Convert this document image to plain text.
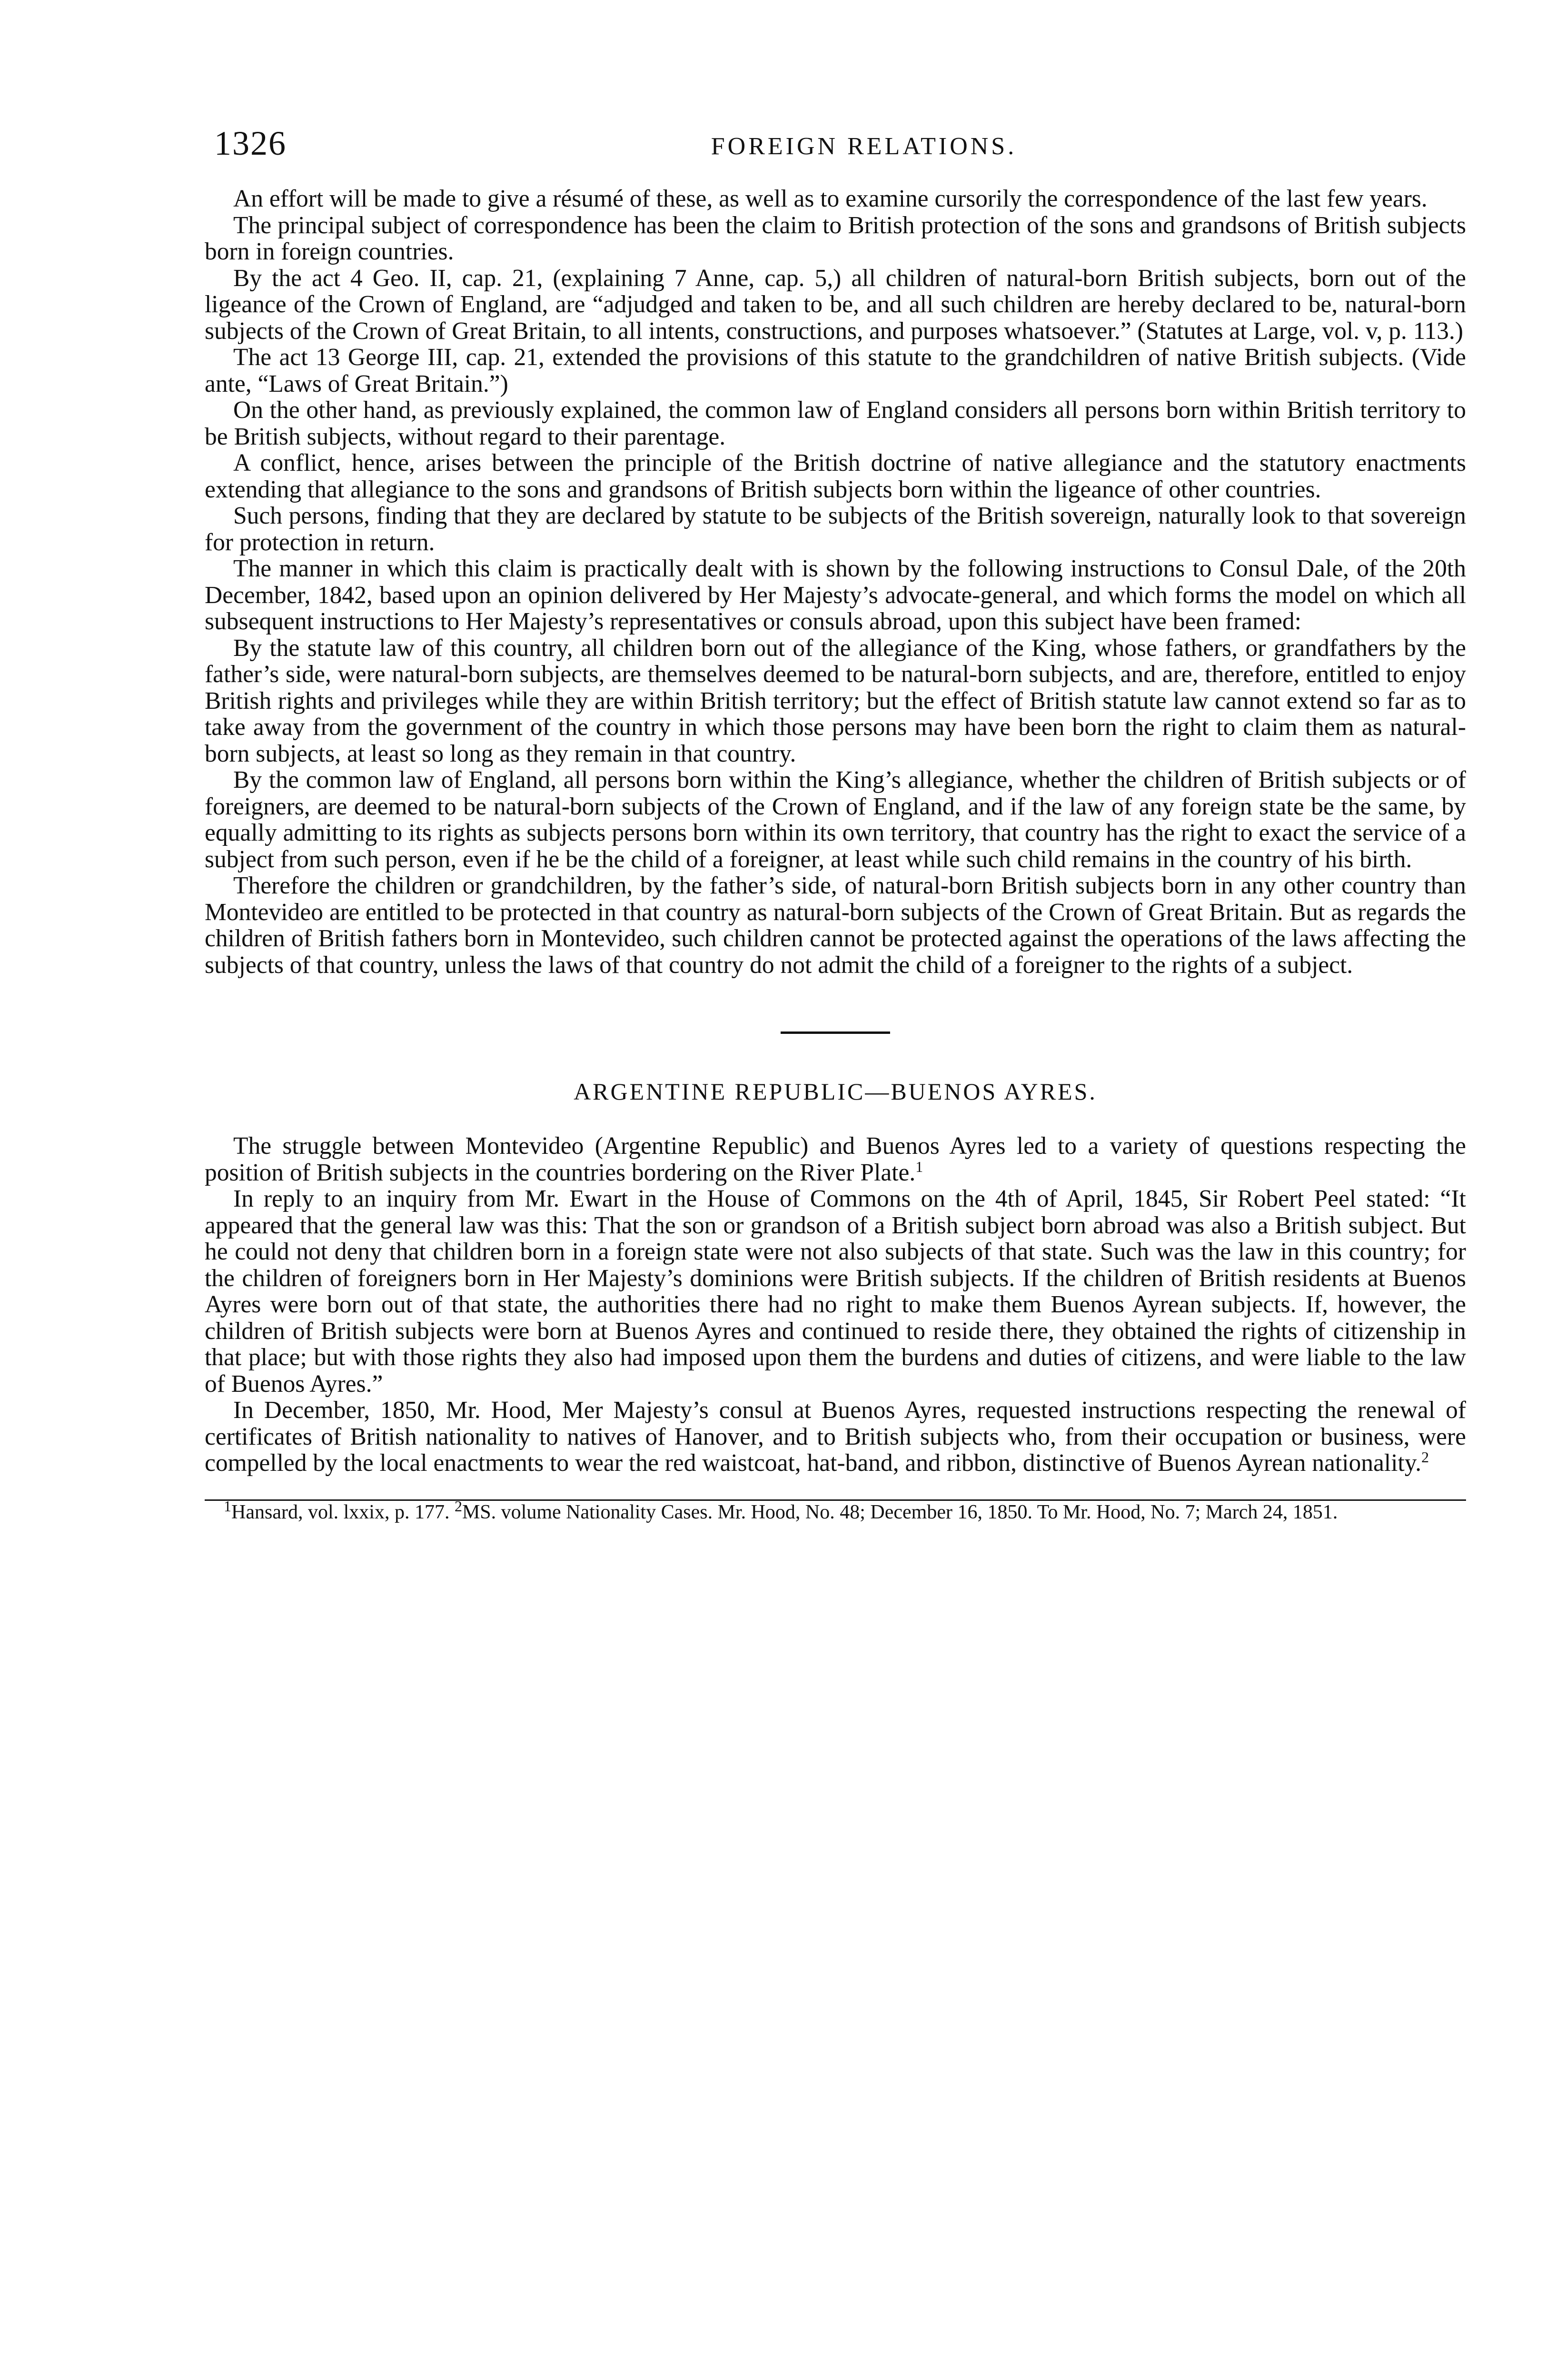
1326	FOREIGN RELATIONS.

An effort will be made to give a résumé of these, as well as to examine cursorily the correspondence of the last few years.

The principal subject of correspondence has been the claim to British protection of the sons and grandsons of British subjects born in foreign countries.

By the act 4 Geo. II, cap. 21, (explaining 7 Anne, cap. 5,) all children of natural-born British subjects, born out of the ligeance of the Crown of England, are “adjudged and taken to be, and all such children are hereby declared to be, natural-born subjects of the Crown of Great Britain, to all intents, constructions, and purposes whatsoever.” (Statutes at Large, vol. v, p. 113.)

The act 13 George III, cap. 21, extended the provisions of this statute to the grandchildren of native British subjects. (Vide ante, “Laws of Great Britain.”)

On the other hand, as previously explained, the common law of England considers all persons born within British territory to be British subjects, without regard to their parentage.

A conflict, hence, arises between the principle of the British doctrine of native allegiance and the statutory enactments extending that allegiance to the sons and grandsons of British subjects born within the ligeance of other countries.

Such persons, finding that they are declared by statute to be subjects of the British sovereign, naturally look to that sovereign for protection in return.

The manner in which this claim is practically dealt with is shown by the following instructions to Consul Dale, of the 20th December, 1842, based upon an opinion delivered by Her Majesty’s advocate-general, and which forms the model on which all subsequent instructions to Her Majesty’s representatives or consuls abroad, upon this subject have been framed:

By the statute law of this country, all children born out of the allegiance of the King, whose fathers, or grandfathers by the father’s side, were natural-born subjects, are themselves deemed to be natural-born subjects, and are, therefore, entitled to enjoy British rights and privileges while they are within British territory; but the effect of British statute law cannot extend so far as to take away from the government of the country in which those persons may have been born the right to claim them as natural-born subjects, at least so long as they remain in that country.

By the common law of England, all persons born within the King’s allegiance, whether the children of British subjects or of foreigners, are deemed to be natural-born subjects of the Crown of England, and if the law of any foreign state be the same, by equally admitting to its rights as subjects persons born within its own territory, that country has the right to exact the service of a subject from such person, even if he be the child of a foreigner, at least while such child remains in the country of his birth.

Therefore the children or grandchildren, by the father’s side, of natural-born British subjects born in any other country than Montevideo are entitled to be protected in that country as natural-born subjects of the Crown of Great Britain. But as regards the children of British fathers born in Montevideo, such children cannot be protected against the operations of the laws affecting the subjects of that country, unless the laws of that country do not admit the child of a foreigner to the rights of a subject.

ARGENTINE REPUBLIC—BUENOS AYRES.

The struggle between Montevideo (Argentine Republic) and Buenos Ayres led to a variety of questions respecting the position of British subjects in the countries bordering on the River Plate.$^1$

In reply to an inquiry from Mr. Ewart in the House of Commons on the 4th of April, 1845, Sir Robert Peel stated: “It appeared that the general law was this: That the son or grandson of a British subject born abroad was also a British subject. But he could not deny that children born in a foreign state were not also subjects of that state. Such was the law in this country; for the children of foreigners born in Her Majesty’s dominions were British subjects. If the children of British residents at Buenos Ayres were born out of that state, the authorities there had no right to make them Buenos Ayrean subjects. If, however, the children of British subjects were born at Buenos Ayres and continued to reside there, they obtained the rights of citizenship in that place; but with those rights they also had imposed upon them the burdens and duties of citizens, and were liable to the law of Buenos Ayres.”

In December, 1850, Mr. Hood, Mer Majesty’s consul at Buenos Ayres, requested instructions respecting the renewal of certificates of British nationality to natives of Hanover, and to British subjects who, from their occupation or business, were compelled by the local enactments to wear the red waistcoat, hat-band, and ribbon, distinctive of Buenos Ayrean nationality.$^2$

$^1$Hansard, vol. lxxix, p. 177. $^2$MS. volume Nationality Cases. Mr. Hood, No. 48; December 16, 1850. To Mr. Hood, No. 7; March 24, 1851.
